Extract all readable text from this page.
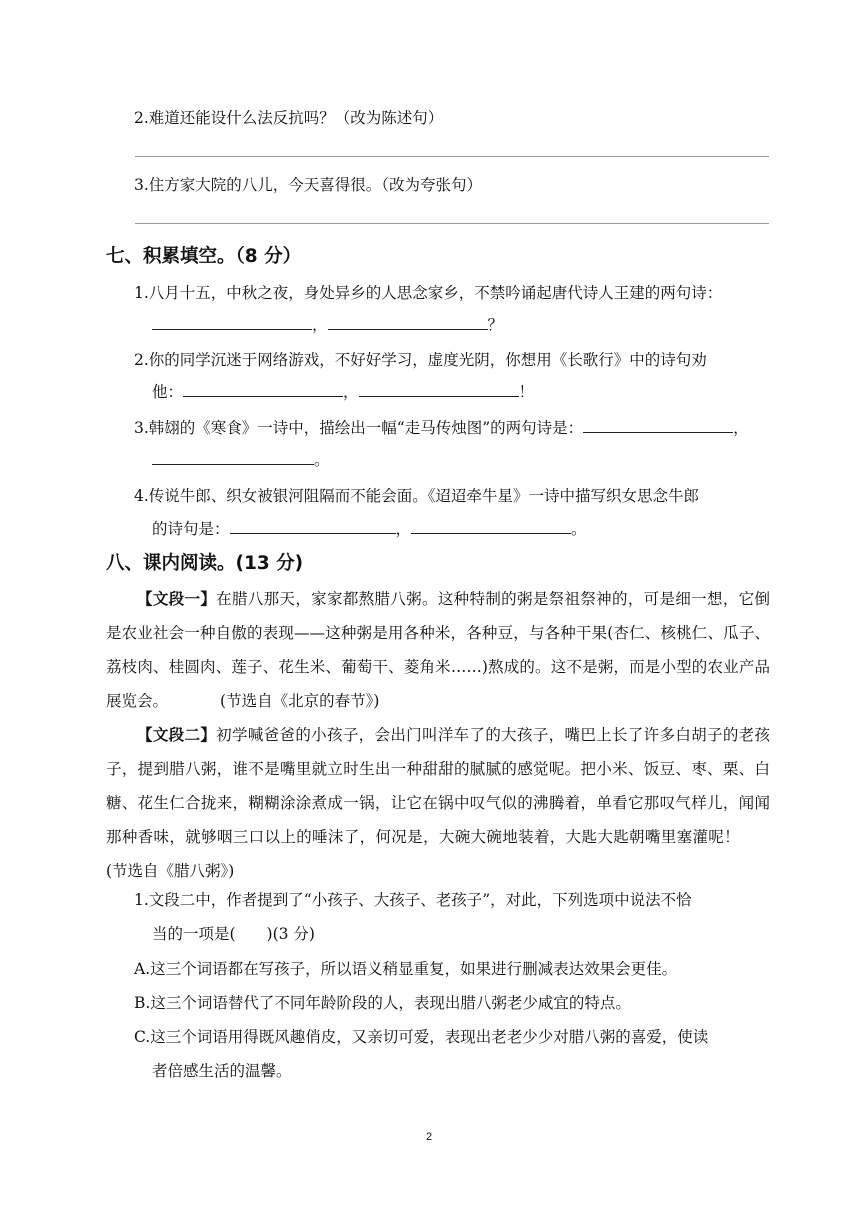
2.难道还能设什么法反抗吗？（改为陈述句）
3.住方家大院的八儿，今天喜得很。（改为夸张句）
七、积累填空。（8 分）
1.八月十五，中秋之夜，身处异乡的人思念家乡，不禁吟诵起唐代诗人王建的两句诗：
，	？
2.你的同学沉迷于网络游戏，不好好学习，虚度光阴，你想用《长歌行》中的诗句劝
他：	，	！
3.韩翃的《寒食》一诗中，描绘出一幅“走马传烛图”的两句诗是：	，
。
4.传说牛郎、织女被银河阻隔而不能会面。《迢迢牵牛星》一诗中描写织女思念牛郎
的诗句是：	，	。
八、课内阅读。(13 分)
【文段一】在腊八那天，家家都熬腊八粥。这种特制的粥是祭祖祭神的，可是细一想，它倒是农业社会一种自傲的表现——这种粥是用各种米，各种豆，与各种干果(杏仁、核桃仁、瓜子、荔枝肉、桂圆肉、莲子、花生米、葡萄干、菱角米……)熬成的。这不是粥，而是小型的农业产品展览会。	(节选自《北京的春节》)
【文段二】初学喊爸爸的小孩子，会出门叫洋车了的大孩子，嘴巴上长了许多白胡子的老孩子，提到腊八粥，谁不是嘴里就立时生出一种甜甜的腻腻的感觉呢。把小米、饭豆、枣、栗、白糖、花生仁合拢来，糊糊涂涂煮成一锅，让它在锅中叹气似的沸腾着，单看它那叹气样儿，闻闻那种香味，就够咽三口以上的唾沫了，何况是，大碗大碗地装着，大匙大匙朝嘴里塞灌呢！(节选自《腊八粥》)
1.文段二中，作者提到了“小孩子、大孩子、老孩子”，对此，下列选项中说法不恰
当的一项是(　　)(3 分)
A.这三个词语都在写孩子，所以语义稍显重复，如果进行删减表达效果会更佳。
B.这三个词语替代了不同年龄阶段的人，表现出腊八粥老少咸宜的特点。
C.这三个词语用得既风趣俏皮，又亲切可爱，表现出老老少少对腊八粥的喜爱，使读
者倍感生活的温馨。
2
